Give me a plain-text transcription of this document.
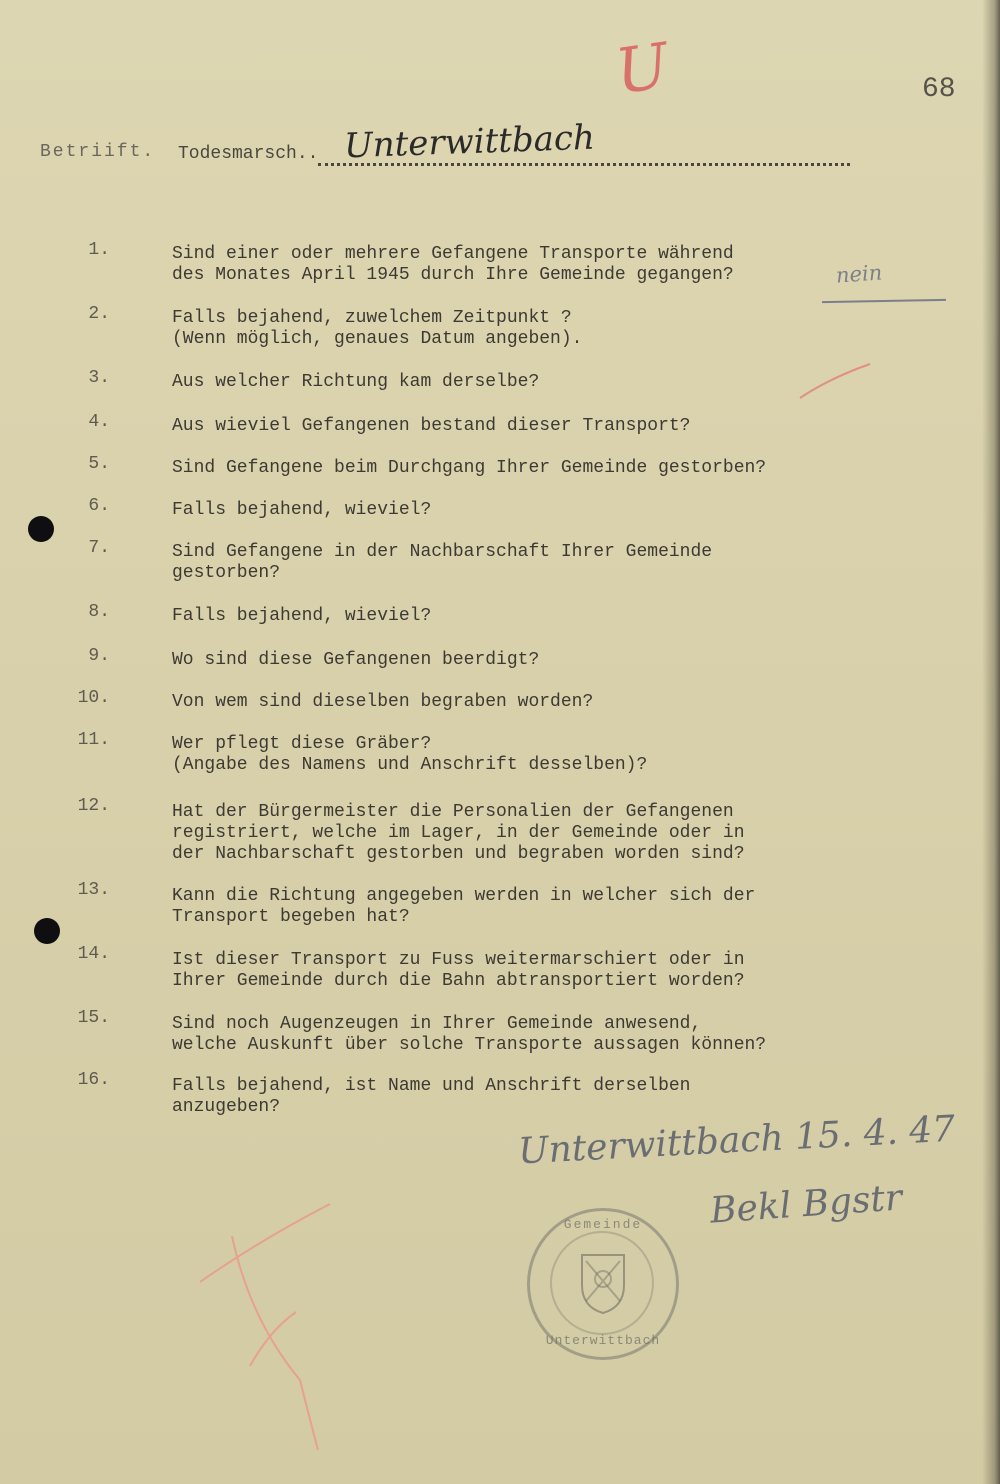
68
U
Betriift. Todesmarsch.. Unterwittbach
nein
1.	Sind einer oder mehrere Gefangene Transporte während
des Monates April 1945 durch Ihre Gemeinde gegangen?
2.	Falls bejahend, zuwelchem Zeitpunkt ?
(Wenn möglich, genaues Datum angeben).
3.	Aus welcher Richtung kam derselbe?
4.	Aus wieviel Gefangenen bestand dieser Transport?
5.	Sind Gefangene beim Durchgang Ihrer Gemeinde gestorben?
6.	Falls bejahend, wieviel?
7.	Sind Gefangene in der Nachbarschaft Ihrer Gemeinde
gestorben?
8.	Falls bejahend, wieviel?
9.	Wo sind diese Gefangenen beerdigt?
10.	Von wem sind dieselben begraben worden?
11.	Wer pflegt diese Gräber?
(Angabe des Namens und Anschrift desselben)?
12.	Hat der Bürgermeister die Personalien der Gefangenen
registriert, welche im Lager, in der Gemeinde oder in
der Nachbarschaft gestorben und begraben worden sind?
13.	Kann die Richtung angegeben werden in welcher sich der
Transport begeben hat?
14.	Ist dieser Transport zu Fuss weitermarschiert oder in
Ihrer Gemeinde durch die Bahn abtransportiert worden?
15.	Sind noch Augenzeugen in Ihrer Gemeinde anwesend,
welche Auskunft über solche Transporte aussagen können?
16.	Falls bejahend, ist Name und Anschrift derselben
anzugeben?
Unterwittbach 15. 4. 47
Bekl Bgstr
Gemeinde
Unterwittbach
